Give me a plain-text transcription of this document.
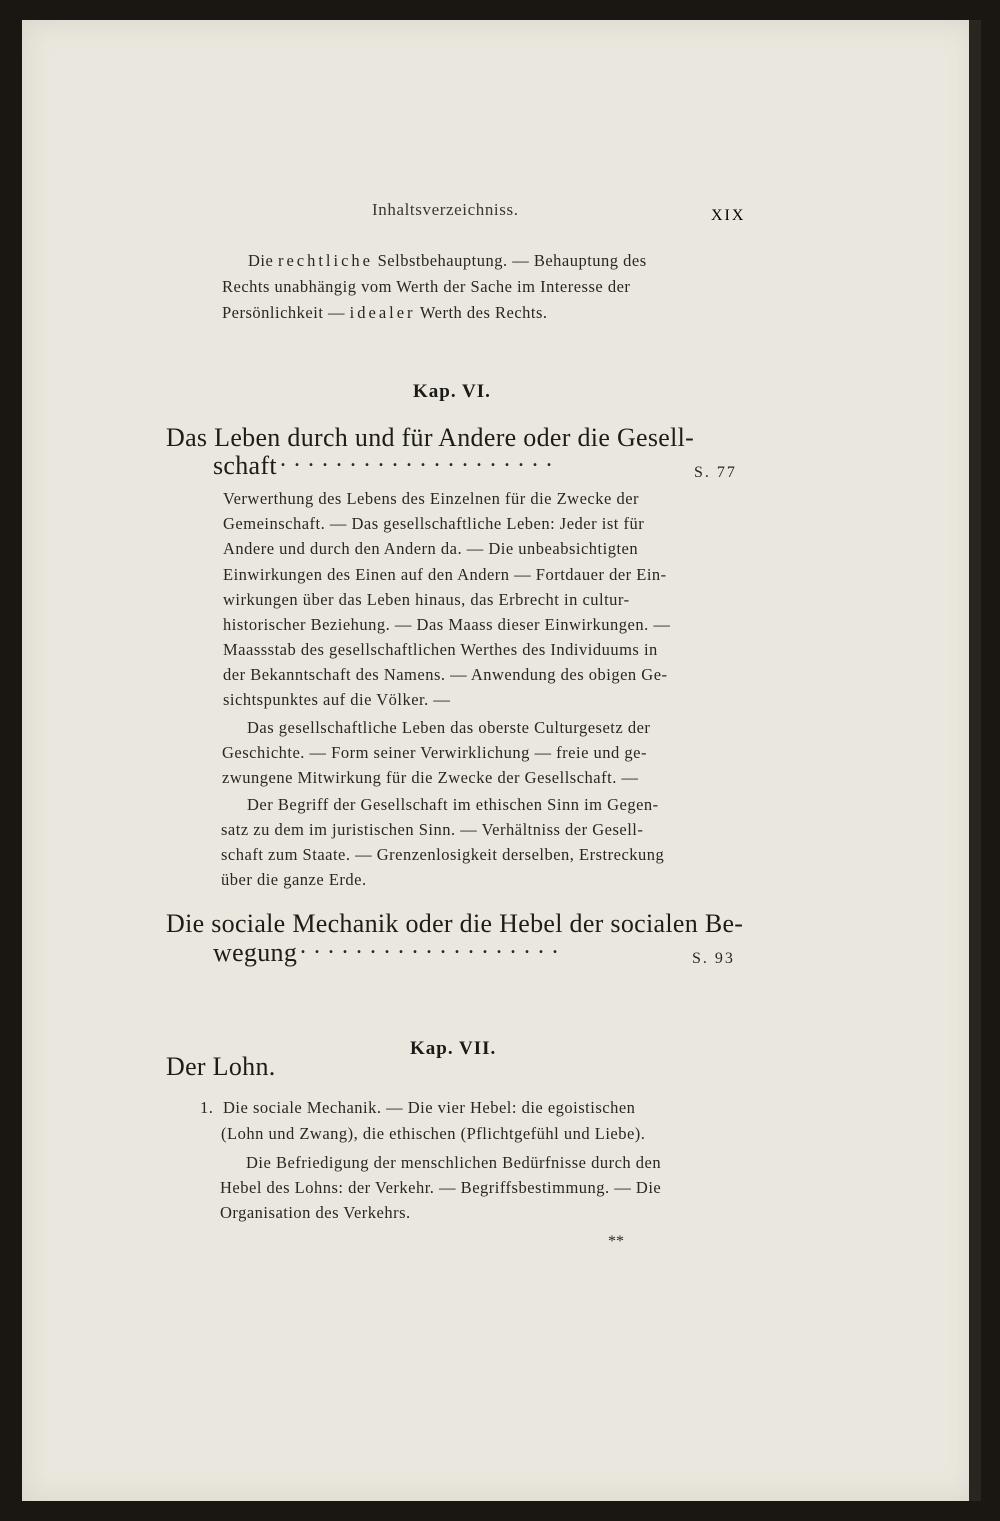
Inhaltsverzeichniss.	XIX
Die rechtliche Selbstbehauptung. — Behauptung des
Rechts unabhängig vom Werth der Sache im Interesse der
Persönlichkeit — idealer Werth des Rechts.
Kap. VI.
Das Leben durch und für Andere oder die Gesell-
schaft ....................
S. 77
Verwerthung des Lebens des Einzelnen für die Zwecke der
Gemeinschaft. — Das gesellschaftliche Leben: Jeder ist für
Andere und durch den Andern da. — Die unbeabsichtigten
Einwirkungen des Einen auf den Andern — Fortdauer der Ein-
wirkungen über das Leben hinaus, das Erbrecht in cultur-
historischer Beziehung. — Das Maass dieser Einwirkungen. —
Maassstab des gesellschaftlichen Werthes des Individuums in
der Bekanntschaft des Namens. — Anwendung des obigen Ge-
sichtspunktes auf die Völker. —
Das gesellschaftliche Leben das oberste Culturgesetz der
Geschichte. — Form seiner Verwirklichung — freie und ge-
zwungene Mitwirkung für die Zwecke der Gesellschaft. —
Der Begriff der Gesellschaft im ethischen Sinn im Gegen-
satz zu dem im juristischen Sinn. — Verhältniss der Gesell-
schaft zum Staate. — Grenzenlosigkeit derselben, Erstreckung
über die ganze Erde.
Die sociale Mechanik oder die Hebel der socialen Be-
wegung ...................	S. 93
Kap. VII.
Der Lohn.
1. Die sociale Mechanik. — Die vier Hebel: die egoistischen
(Lohn und Zwang), die ethischen (Pflichtgefühl und Liebe).
Die Befriedigung der menschlichen Bedürfnisse durch den
Hebel des Lohns: der Verkehr. — Begriffsbestimmung. — Die
Organisation des Verkehrs.
**
